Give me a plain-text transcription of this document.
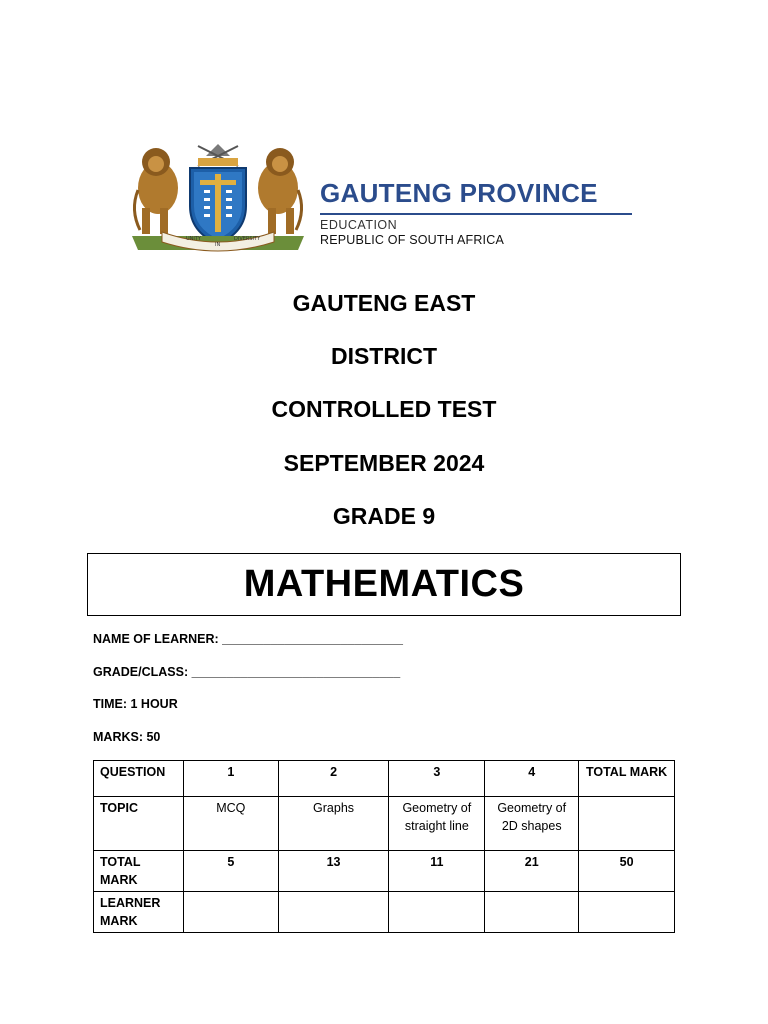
UNITY
IN
DIVERSITY
GAUTENG PROVINCE
EDUCATION
REPUBLIC OF SOUTH AFRICA
GAUTENG EAST
DISTRICT
CONTROLLED TEST
SEPTEMBER 2024
GRADE 9
MATHEMATICS
NAME OF LEARNER: __________________________
GRADE/CLASS: ______________________________
TIME: 1 HOUR
MARKS: 50
QUESTION	1	2	3	4	TOTAL MARK
TOPIC	MCQ	Graphs	Geometry of straight line	Geometry of 2D shapes	
TOTAL MARK	5	13	11	21	50
LEARNER MARK					
